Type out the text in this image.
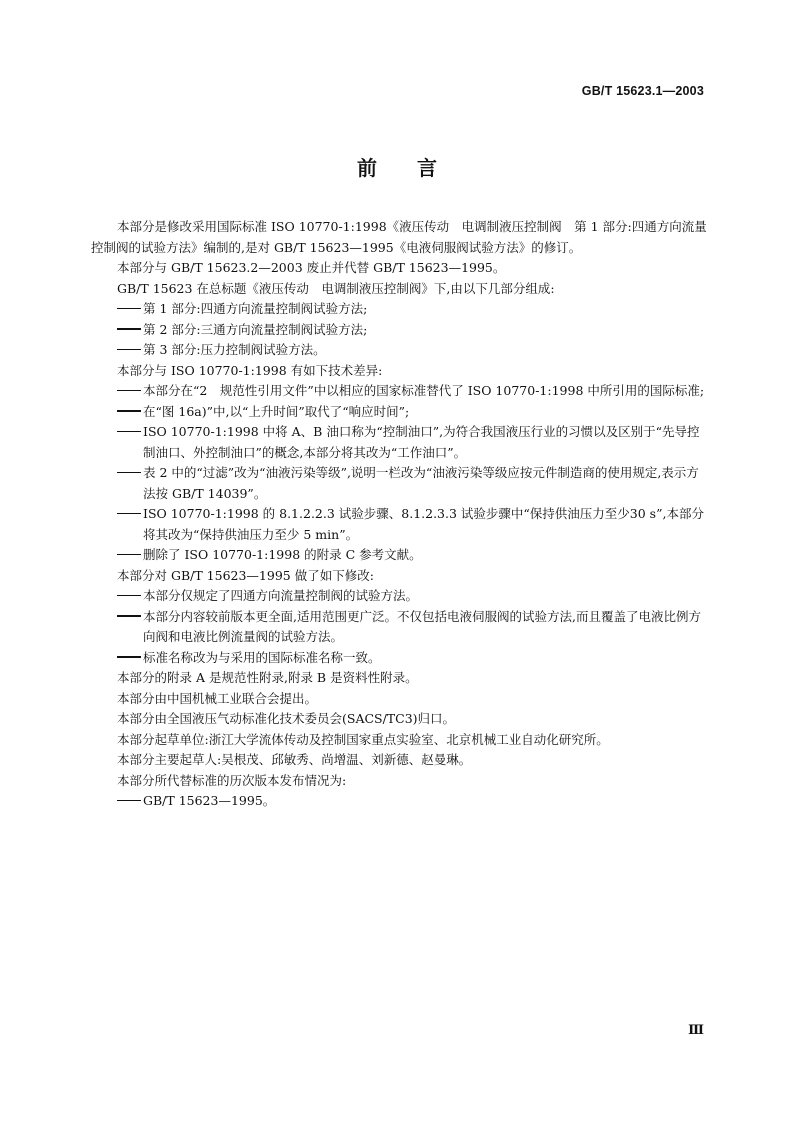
GB/T 15623.1—2003
前言

本部分是修改采用国际标准 ISO 10770-1:1998《液压传动　电调制液压控制阀　第 1 部分:四通方向流量控制阀的试验方法》编制的,是对 GB/T 15623—1995《电液伺服阀试验方法》的修订。

本部分与 GB/T 15623.2—2003 废止并代替 GB/T 15623—1995。

GB/T 15623 在总标题《液压传动　电调制液压控制阀》下,由以下几部分组成:

第 1 部分:四通方向流量控制阀试验方法;
第 2 部分:三通方向流量控制阀试验方法;
第 3 部分:压力控制阀试验方法。

本部分与 ISO 10770-1:1998 有如下技术差异:

本部分在“2　规范性引用文件”中以相应的国家标准替代了 ISO 10770-1:1998 中所引用的国际标准;
在“图 16a)”中,以“上升时间”取代了“响应时间”;
ISO 10770-1:1998 中将 A、B 油口称为“控制油口”,为符合我国液压行业的习惯以及区别于“先导控制油口、外控制油口”的概念,本部分将其改为“工作油口”。
表 2 中的“过滤”改为“油液污染等级”,说明一栏改为“油液污染等级应按元件制造商的使用规定,表示方法按 GB/T 14039”。
ISO 10770-1:1998 的 8.1.2.2.3 试验步骤、8.1.2.3.3 试验步骤中“保持供油压力至少30 s”,本部分将其改为“保持供油压力至少 5 min”。
删除了 ISO 10770-1:1998 的附录 C 参考文献。

本部分对 GB/T 15623—1995 做了如下修改:

本部分仅规定了四通方向流量控制阀的试验方法。
本部分内容较前版本更全面,适用范围更广泛。不仅包括电液伺服阀的试验方法,而且覆盖了电液比例方向阀和电液比例流量阀的试验方法。
标准名称改为与采用的国际标准名称一致。

本部分的附录 A 是规范性附录,附录 B 是资料性附录。

本部分由中国机械工业联合会提出。

本部分由全国液压气动标准化技术委员会(SACS/TC3)归口。

本部分起草单位:浙江大学流体传动及控制国家重点实验室、北京机械工业自动化研究所。

本部分主要起草人:吴根茂、邱敏秀、尚增温、刘新德、赵曼琳。

本部分所代替标准的历次版本发布情况为:

GB/T 15623—1995。
Ⅲ
